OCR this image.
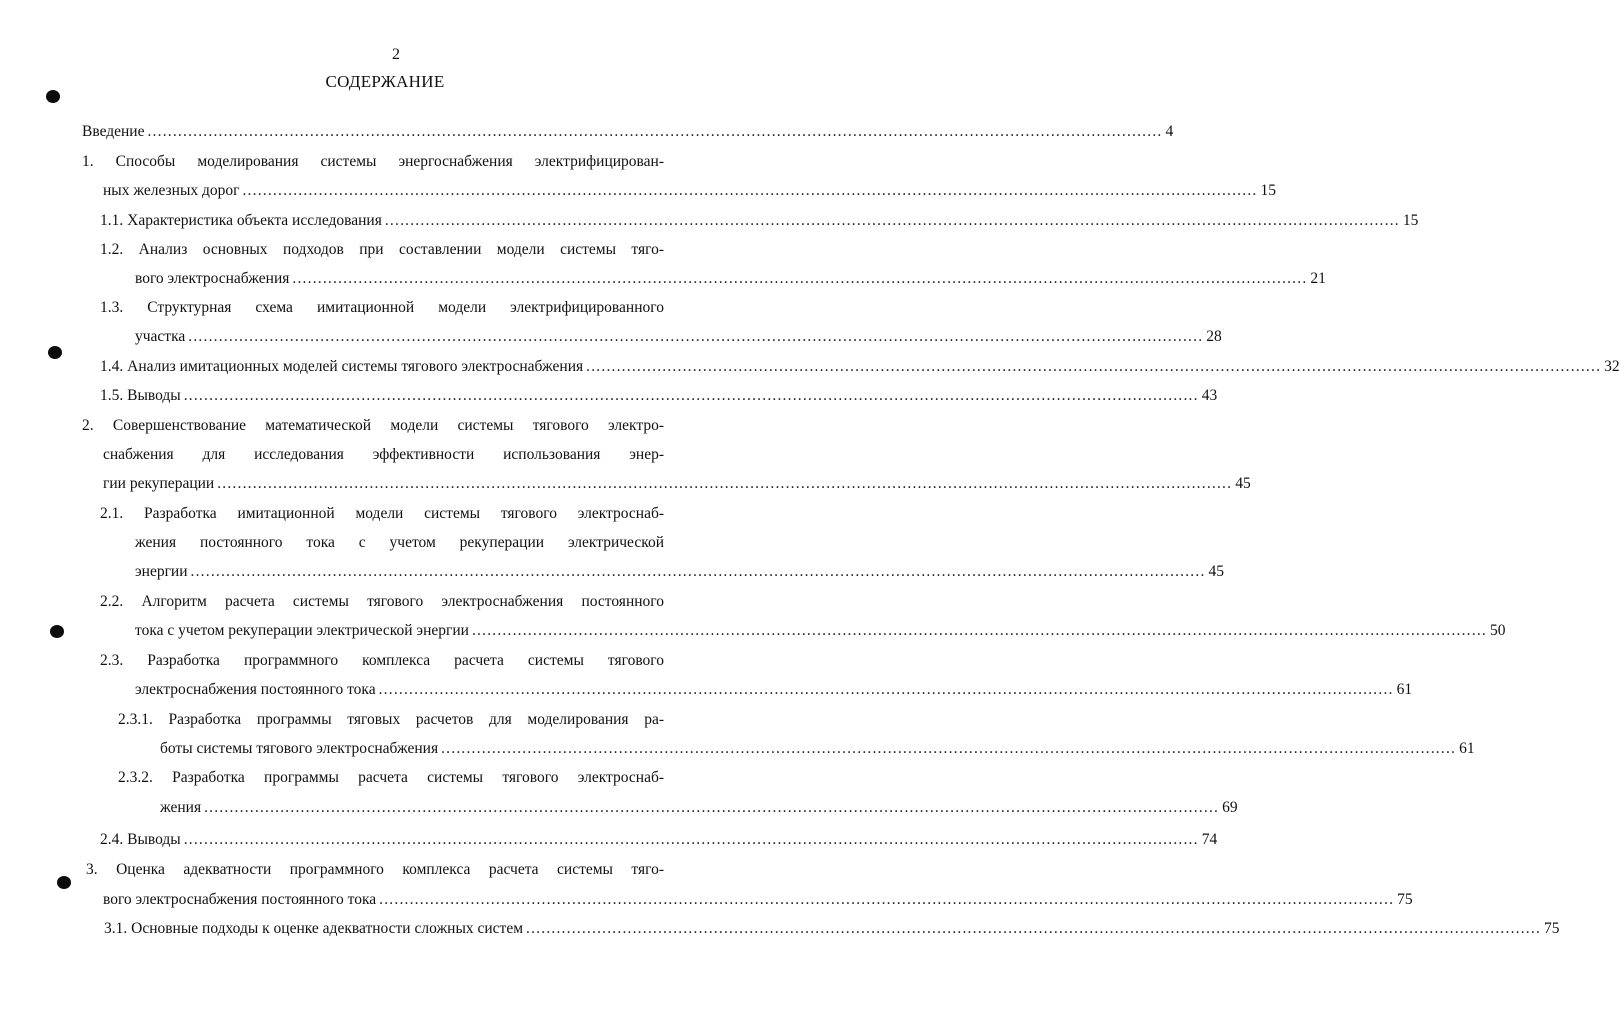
2
СОДЕРЖАНИЕ
Введение ........................................................................................................................................................................................................ 4
1. Способы моделирования системы энергоснабжения электрифицирован-
ных железных дорог ........................................................................................................................................................................................................ 15
1.1. Характеристика объекта исследования ........................................................................................................................................................................................................ 15
1.2. Анализ основных подходов при составлении модели системы тяго-
вого электроснабжения ........................................................................................................................................................................................................ 21
1.3. Структурная схема имитационной модели электрифицированного
участка ........................................................................................................................................................................................................ 28
1.4. Анализ имитационных моделей системы тягового электроснабжения ........................................................................................................................................................................................................ 32
1.5. Выводы ........................................................................................................................................................................................................ 43
2. Совершенствование математической модели системы тягового электро-
снабжения для исследования эффективности использования энер-
гии рекуперации ........................................................................................................................................................................................................ 45
2.1. Разработка имитационной модели системы тягового электроснаб-
жения постоянного тока с учетом рекуперации электрической
энергии ........................................................................................................................................................................................................ 45
2.2. Алгоритм расчета системы тягового электроснабжения постоянного
тока с учетом рекуперации электрической энергии ........................................................................................................................................................................................................ 50
2.3. Разработка программного комплекса расчета системы тягового
электроснабжения постоянного тока ........................................................................................................................................................................................................ 61
2.3.1. Разработка программы тяговых расчетов для моделирования ра-
боты системы тягового электроснабжения ........................................................................................................................................................................................................ 61
2.3.2. Разработка программы расчета системы тягового электроснаб-
жения ........................................................................................................................................................................................................ 69
2.4. Выводы ........................................................................................................................................................................................................ 74
3. Оценка адекватности программного комплекса расчета системы тяго-
вого электроснабжения постоянного тока ........................................................................................................................................................................................................ 75
3.1. Основные подходы к оценке адекватности сложных систем ........................................................................................................................................................................................................ 75
